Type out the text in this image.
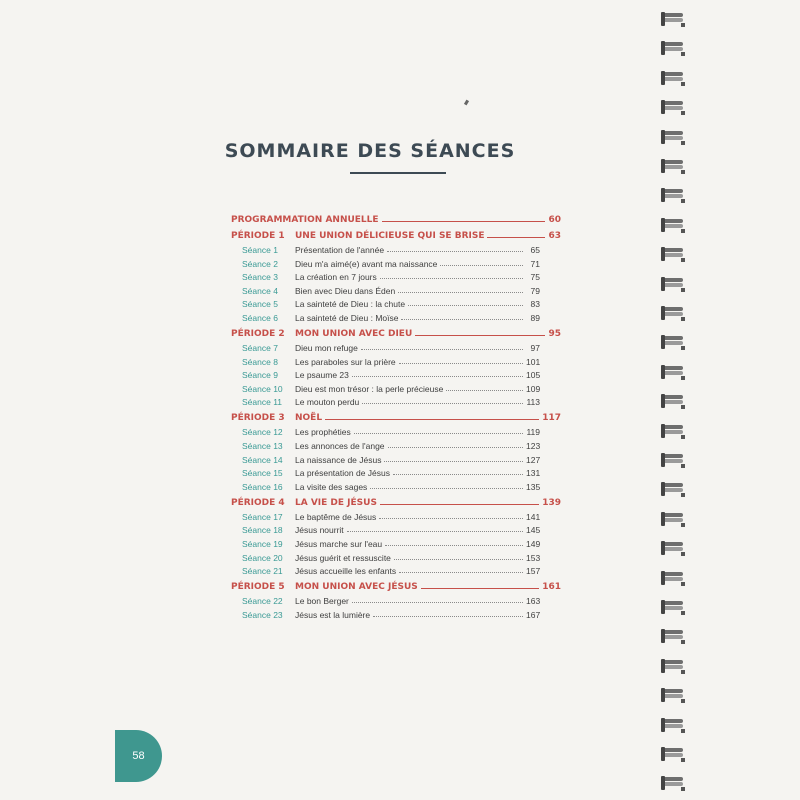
SOMMAIRE DES SÉANCES
PROGRAMMATION ANNUELLE	60
PÉRIODE 1	UNE UNION DÉLICIEUSE QUI SE BRISE	63
Séance 1	Présentation de l'année	65
Séance 2	Dieu m'a aimé(e) avant ma naissance	71
Séance 3	La création en 7 jours	75
Séance 4	Bien avec Dieu dans Éden	79
Séance 5	La sainteté de Dieu : la chute	83
Séance 6	La sainteté de Dieu : Moïse	89
PÉRIODE 2	MON UNION AVEC DIEU	95
Séance 7	Dieu mon refuge	97
Séance 8	Les paraboles sur la prière	101
Séance 9	Le psaume 23	105
Séance 10	Dieu est mon trésor : la perle précieuse	109
Séance 11	Le mouton perdu	113
PÉRIODE 3	NOËL	117
Séance 12	Les prophéties	119
Séance 13	Les annonces de l'ange	123
Séance 14	La naissance de Jésus	127
Séance 15	La présentation de Jésus	131
Séance 16	La visite des sages	135
PÉRIODE 4	LA VIE DE JÉSUS	139
Séance 17	Le baptême de Jésus	141
Séance 18	Jésus nourrit	145
Séance 19	Jésus marche sur l'eau	149
Séance 20	Jésus guérit et ressuscite	153
Séance 21	Jésus accueille les enfants	157
PÉRIODE 5	MON UNION AVEC JÉSUS	161
Séance 22	Le bon Berger	163
Séance 23	Jésus est la lumière	167
58
